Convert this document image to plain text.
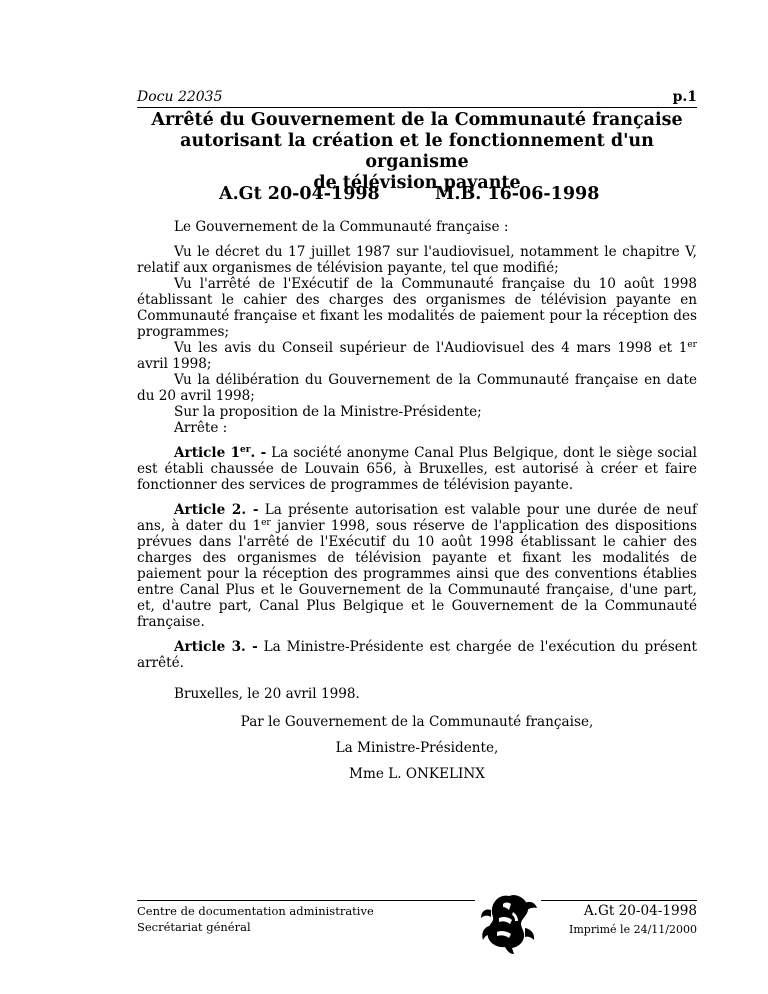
Docu 22035	p.1
Arrêté du Gouvernement de la Communauté française
autorisant la création et le fonctionnement d'un organisme
de télévision payante
A.Gt 20-04-1998	M.B. 16-06-1998

Le Gouvernement de la Communauté française :

Vu le décret du 17 juillet 1987 sur l'audiovisuel, notamment le chapitre V, relatif aux organismes de télévision payante, tel que modifié;

Vu l'arrêté de l'Exécutif de la Communauté française du 10 août 1998 établissant le cahier des charges des organismes de télévision payante en Communauté française et fixant les modalités de paiement pour la réception des programmes;

Vu les avis du Conseil supérieur de l'Audiovisuel des 4 mars 1998 et 1er avril 1998;

Vu la délibération du Gouvernement de la Communauté française en date du 20 avril 1998;

Sur la proposition de la Ministre-Présidente;

Arrête :

Article 1er. - La société anonyme Canal Plus Belgique, dont le siège social est établi chaussée de Louvain 656, à Bruxelles, est autorisé à créer et faire fonctionner des services de programmes de télévision payante.

Article 2. - La présente autorisation est valable pour une durée de neuf ans, à dater du 1er janvier 1998, sous réserve de l'application des dispositions prévues dans l'arrêté de l'Exécutif du 10 août 1998 établissant le cahier des charges des organismes de télévision payante et fixant les modalités de paiement pour la réception des programmes ainsi que des conventions établies entre Canal Plus et le Gouvernement de la Communauté française, d'une part, et, d'autre part, Canal Plus Belgique et le Gouvernement de la Communauté française.

Article 3. - La Ministre-Présidente est chargée de l'exécution du présent arrêté.

Bruxelles, le 20 avril 1998.
Par le Gouvernement de la Communauté française,
La Ministre-Présidente,
Mme L. ONKELINX
Centre de documentation administrative
Secrétariat général
A.Gt 20-04-1998
Imprimé le 24/11/2000
